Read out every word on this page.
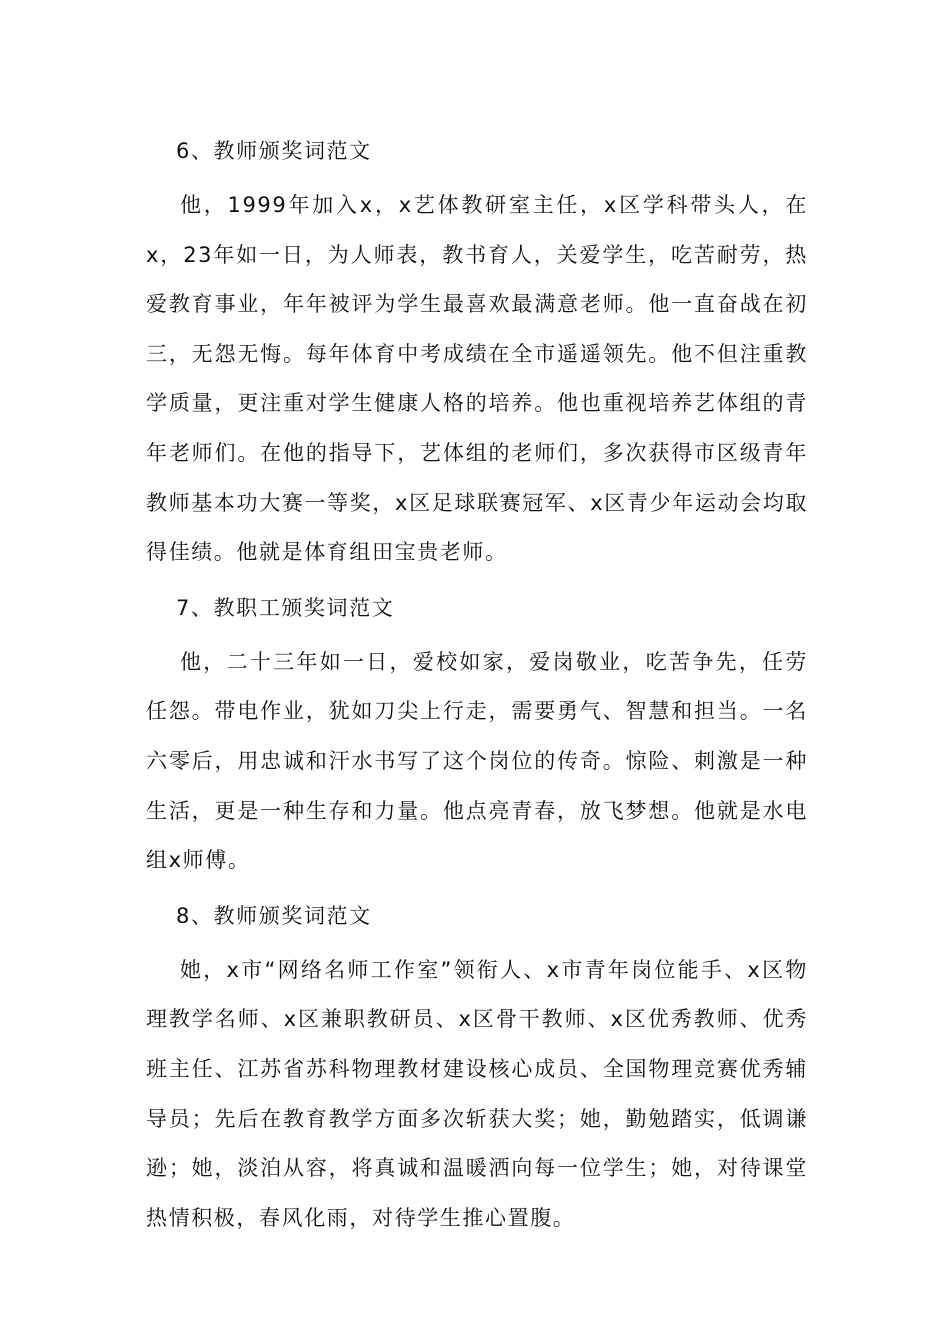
6、教师颁奖词范文

他，1999年加入x，x艺体教研室主任，x区学科带头人，在x，23年如一日，为人师表，教书育人，关爱学生，吃苦耐劳，热爱教育事业，年年被评为学生最喜欢最满意老师。他一直奋战在初三，无怨无悔。每年体育中考成绩在全市遥遥领先。他不但注重教学质量，更注重对学生健康人格的培养。他也重视培养艺体组的青年老师们。在他的指导下，艺体组的老师们，多次获得市区级青年教师基本功大赛一等奖，x区足球联赛冠军、x区青少年运动会均取得佳绩。他就是体育组田宝贵老师。

7、教职工颁奖词范文

他，二十三年如一日，爱校如家，爱岗敬业，吃苦争先，任劳任怨。带电作业，犹如刀尖上行走，需要勇气、智慧和担当。一名六零后，用忠诚和汗水书写了这个岗位的传奇。惊险、刺激是一种生活，更是一种生存和力量。他点亮青春，放飞梦想。他就是水电组x师傅。

8、教师颁奖词范文

她，x市“网络名师工作室”领衔人、x市青年岗位能手、x区物理教学名师、x区兼职教研员、x区骨干教师、x区优秀教师、优秀班主任、江苏省苏科物理教材建设核心成员、全国物理竞赛优秀辅导员；先后在教育教学方面多次斩获大奖；她，勤勉踏实，低调谦逊；她，淡泊从容，将真诚和温暖洒向每一位学生；她，对待课堂热情积极，春风化雨，对待学生推心置腹。
